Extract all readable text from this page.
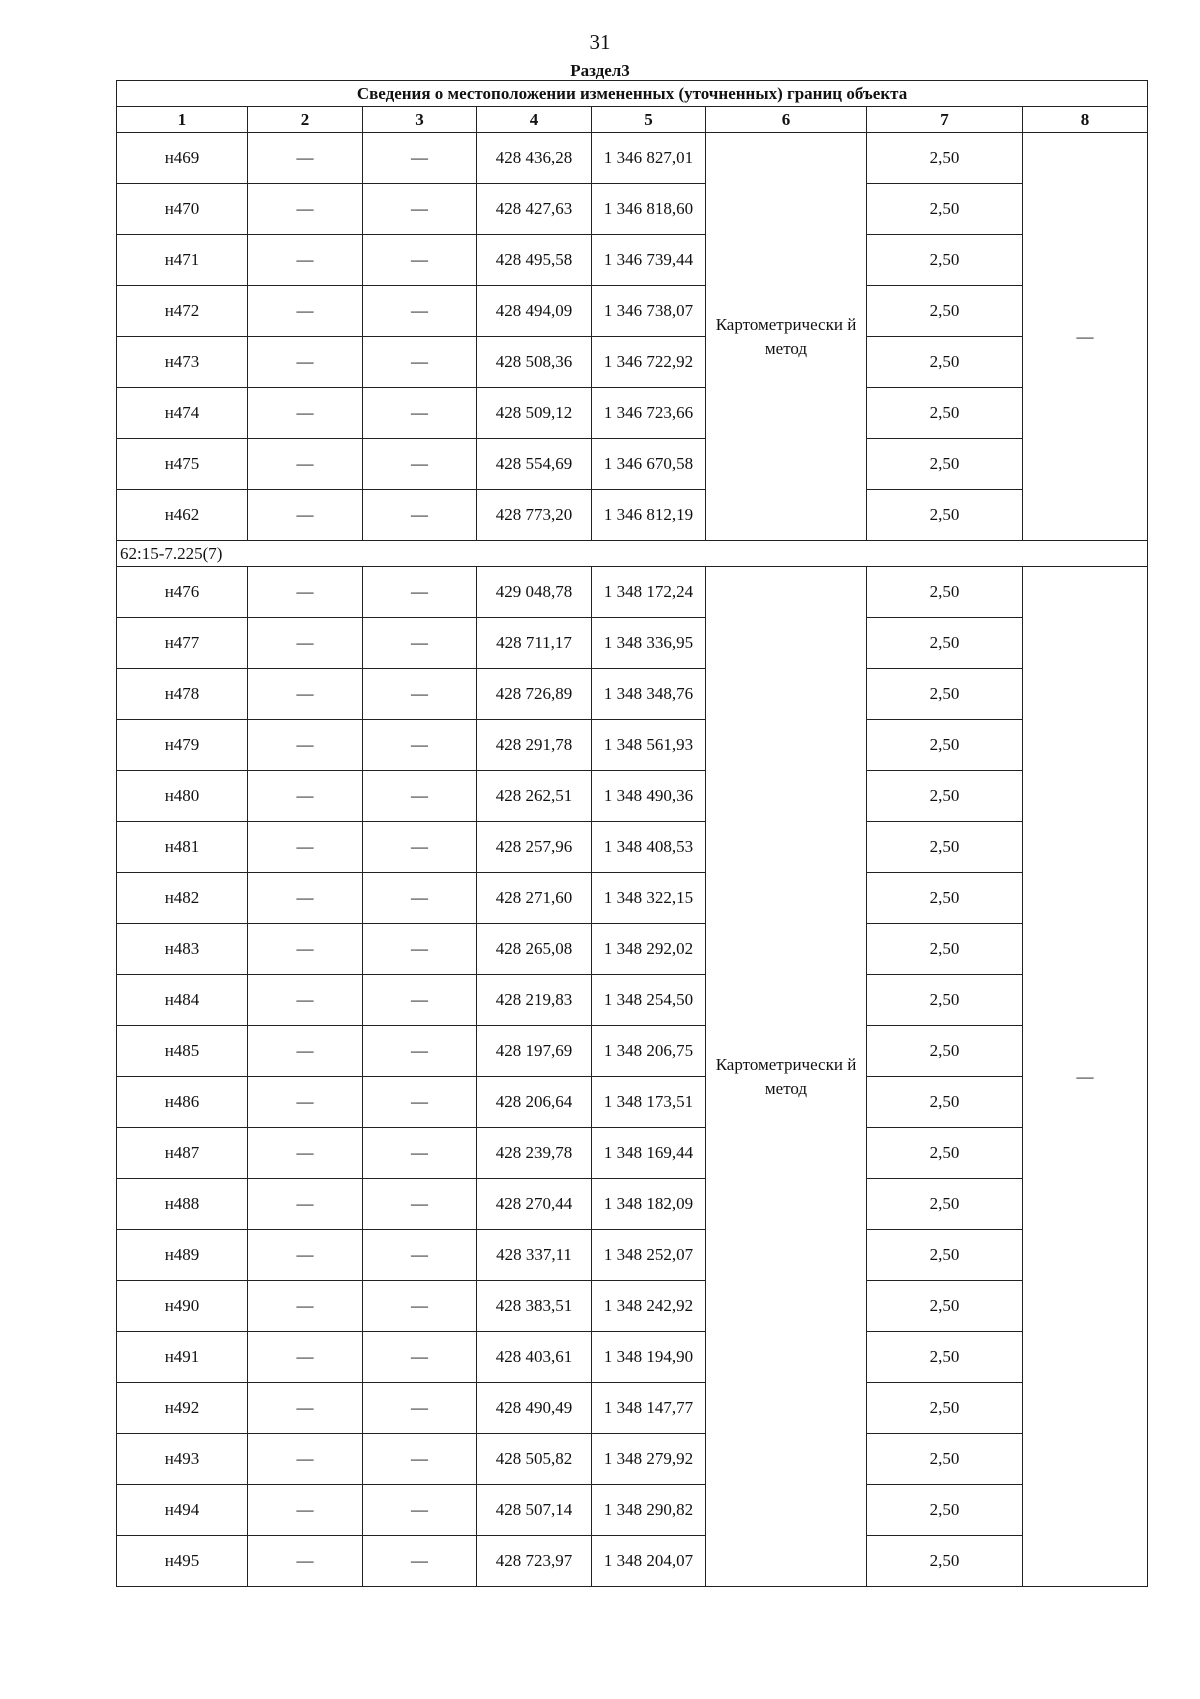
31
Раздел3
Сведения о местоположении измененных (уточненных) границ объекта							
1	2	3	4	5	6	7	8
н469	—	—	428 436,28	1 346 827,01	Картометрически й метод	2,50	—
н470	—	—	428 427,63	1 346 818,60		2,50	
н471	—	—	428 495,58	1 346 739,44		2,50	
н472	—	—	428 494,09	1 346 738,07		2,50	
н473	—	—	428 508,36	1 346 722,92		2,50	
н474	—	—	428 509,12	1 346 723,66		2,50	
н475	—	—	428 554,69	1 346 670,58		2,50	
н462	—	—	428 773,20	1 346 812,19		2,50	
62:15-7.225(7)							
н476	—	—	429 048,78	1 348 172,24	Картометрически й метод	2,50	—
н477	—	—	428 711,17	1 348 336,95		2,50	
н478	—	—	428 726,89	1 348 348,76		2,50	
н479	—	—	428 291,78	1 348 561,93		2,50	
н480	—	—	428 262,51	1 348 490,36		2,50	
н481	—	—	428 257,96	1 348 408,53		2,50	
н482	—	—	428 271,60	1 348 322,15		2,50	
н483	—	—	428 265,08	1 348 292,02		2,50	
н484	—	—	428 219,83	1 348 254,50		2,50	
н485	—	—	428 197,69	1 348 206,75		2,50	
н486	—	—	428 206,64	1 348 173,51		2,50	
н487	—	—	428 239,78	1 348 169,44		2,50	
н488	—	—	428 270,44	1 348 182,09		2,50	
н489	—	—	428 337,11	1 348 252,07		2,50	
н490	—	—	428 383,51	1 348 242,92		2,50	
н491	—	—	428 403,61	1 348 194,90		2,50	
н492	—	—	428 490,49	1 348 147,77		2,50	
н493	—	—	428 505,82	1 348 279,92		2,50	
н494	—	—	428 507,14	1 348 290,82		2,50	
н495	—	—	428 723,97	1 348 204,07		2,50	
